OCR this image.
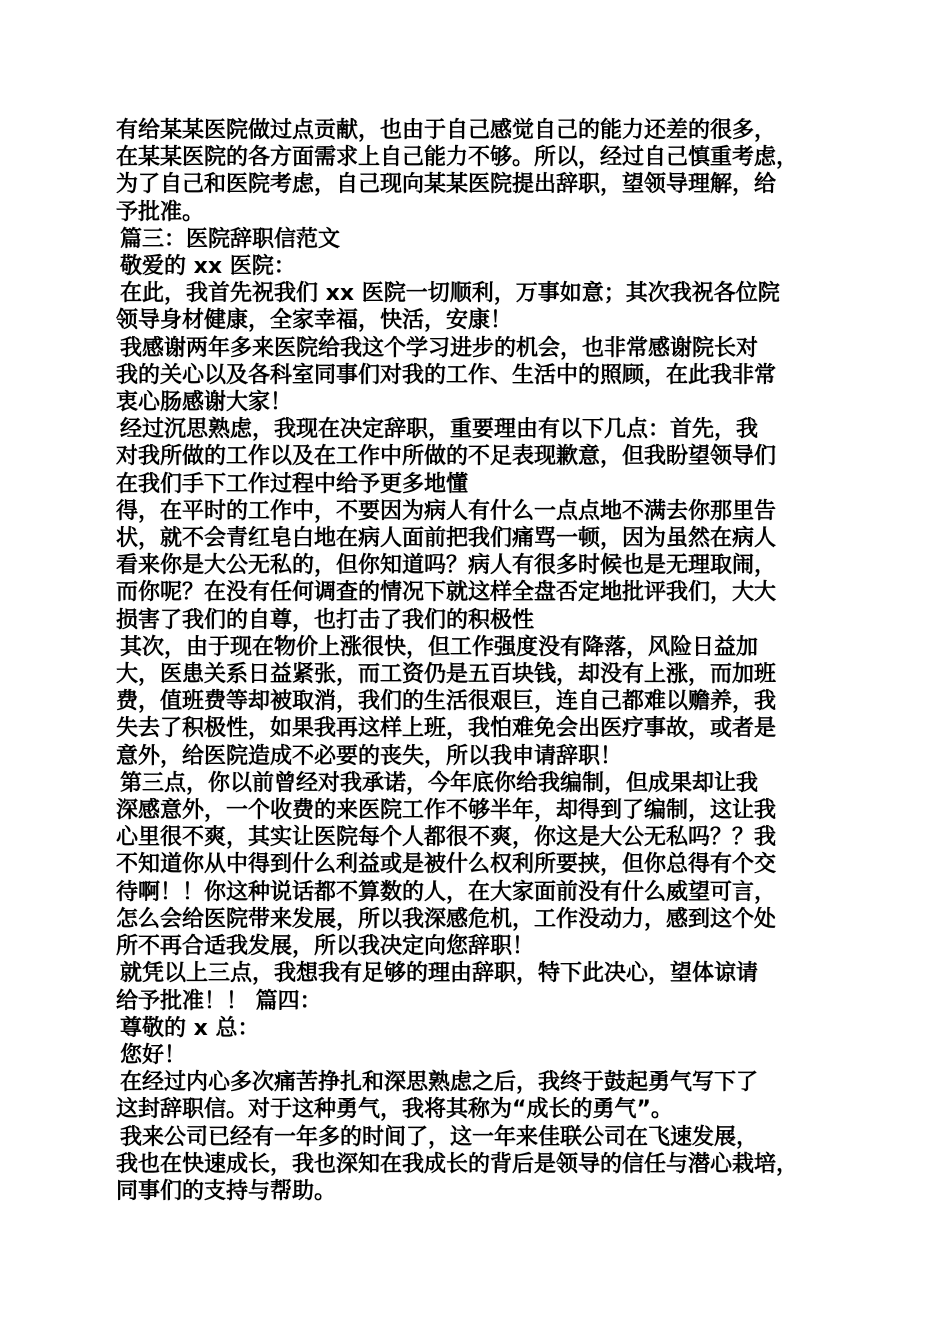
有给某某医院做过点贡献，也由于自己感觉自己的能力还差的很多，

在某某医院的各方面需求上自己能力不够。所以，经过自己慎重考虑，

为了自己和医院考虑，自己现向某某医院提出辞职，望领导理解，给

予批准。

篇三：医院辞职信范文

敬爱的 xx 医院：

在此，我首先祝我们 xx 医院一切顺利，万事如意；其次我祝各位院

领导身材健康，全家幸福，快活，安康！

我感谢两年多来医院给我这个学习进步的机会，也非常感谢院长对

我的关心以及各科室同事们对我的工作、生活中的照顾，在此我非常

衷心肠感谢大家！

经过沉思熟虑，我现在决定辞职，重要理由有以下几点：首先，我

对我所做的工作以及在工作中所做的不足表现歉意，但我盼望领导们

在我们手下工作过程中给予更多地懂

得，在平时的工作中，不要因为病人有什么一点点地不满去你那里告

状，就不会青红皂白地在病人面前把我们痛骂一顿，因为虽然在病人

看来你是大公无私的，但你知道吗？病人有很多时候也是无理取闹，

而你呢？在没有任何调查的情况下就这样全盘否定地批评我们，大大

损害了我们的自尊，也打击了我们的积极性

其次，由于现在物价上涨很快，但工作强度没有降落，风险日益加

大，医患关系日益紧张，而工资仍是五百块钱，却没有上涨，而加班

费，值班费等却被取消，我们的生活很艰巨，连自己都难以赡养，我

失去了积极性，如果我再这样上班，我怕难免会出医疗事故，或者是

意外，给医院造成不必要的丧失，所以我申请辞职！

第三点，你以前曾经对我承诺，今年底你给我编制，但成果却让我

深感意外，一个收费的来医院工作不够半年，却得到了编制，这让我

心里很不爽，其实让医院每个人都很不爽，你这是大公无私吗？？我

不知道你从中得到什么利益或是被什么权利所要挟，但你总得有个交

待啊！！你这种说话都不算数的人，在大家面前没有什么威望可言，

怎么会给医院带来发展，所以我深感危机，工作没动力，感到这个处

所不再合适我发展，所以我决定向您辞职！

就凭以上三点，我想我有足够的理由辞职，特下此决心，望体谅请

给予批准！！ 篇四：

尊敬的 x 总：

您好！

在经过内心多次痛苦挣扎和深思熟虑之后，我终于鼓起勇气写下了

这封辞职信。对于这种勇气，我将其称为“成长的勇气”。

我来公司已经有一年多的时间了，这一年来佳联公司在飞速发展，

我也在快速成长，我也深知在我成长的背后是领导的信任与潜心栽培，

同事们的支持与帮助。
